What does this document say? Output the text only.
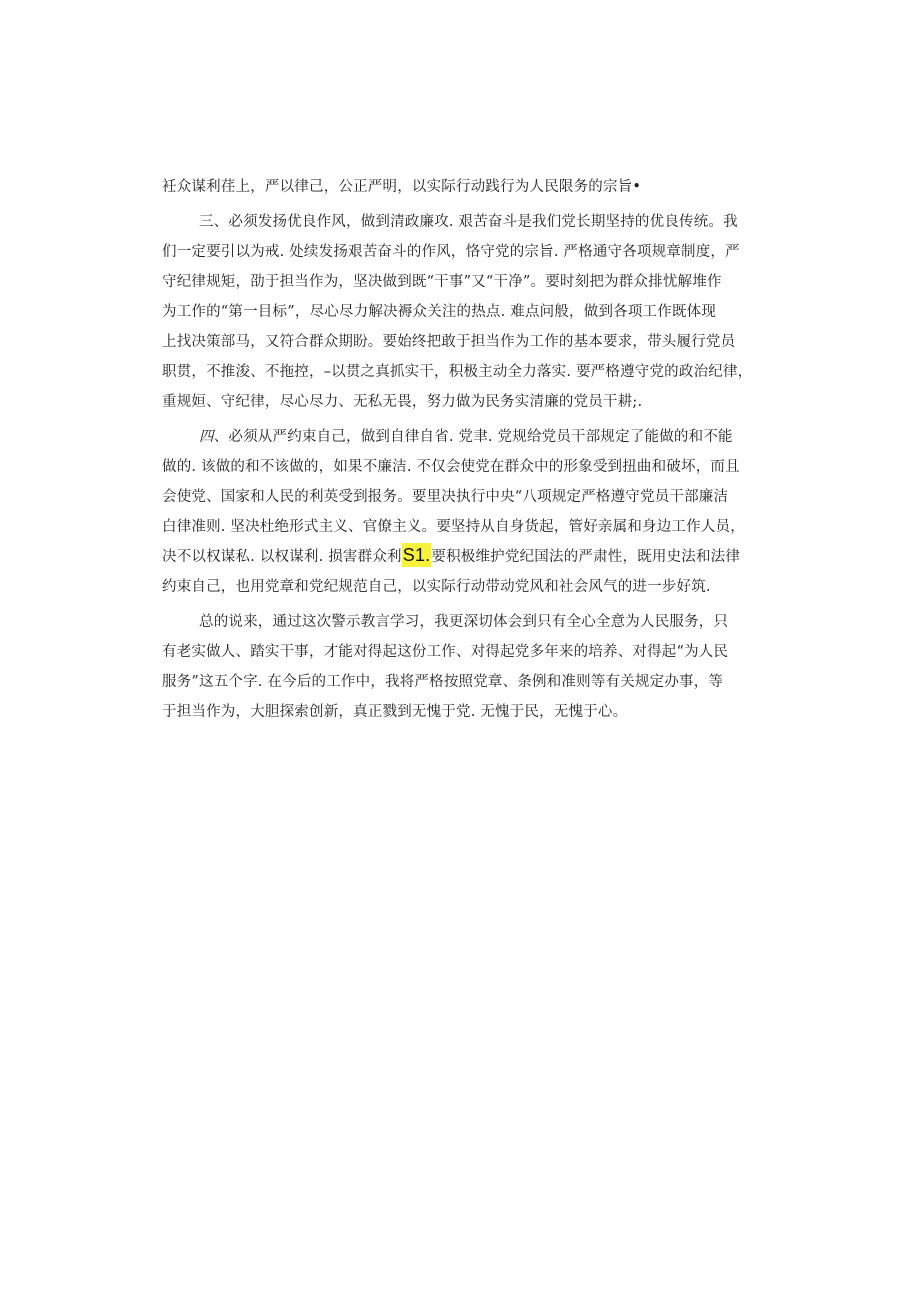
衽众谋利荏上，严以律己，公正严明，以实际行动践行为人民限务的宗旨•
三、必须发扬优良作风，做到清政廉攻. 艰苦奋斗是我们党长期坚持的优良传统。我
们一定要引以为戒. 处续发扬艰苦奋斗的作风，恪守党的宗旨. 严格通守各项规章制度，严
守纪律规矩，劭于担当作为，坚决做到既“干事”又“干净”。要时刻把为群众排忧解堆作
为工作的“第一目标”，尽心尽力解决褥众关注的热点. 难点问般，做到各项工作既体现
上找决策部马，又符合群众期盼。要始终把敢于担当作为工作的基本要求，带头履行党员
职贯，不推浚、不拖控，–以贯之真抓实干，积极主动全力落实. 要严格遵守党的政治纪律，
重规姮、守纪律，尽心尽力、无私无畏，努力做为民务实清廉的党员干耕;.
四、必须从严约束自己，做到自律自省. 党聿. 党规给党员干部规定了能做的和不能
做的. 该做的和不该做的，如果不廉洁. 不仅会使党在群众中的形象受到扭曲和破坏，而且
会使党、国家和人民的利英受到报务。要里决执行中央“八项规定严格遵守党员干部廉洁
白律准则. 坚决杜绝形式主义、官僚主义。要坚持从自身货起，管好亲属和身边工作人员，
决不以权谋私. 以权谋利. 损害群众利S1.要积极维护党纪国法的严肃性，既用史法和法律
约束自己，也用党章和党纪规范自己，以实际行动带动党风和社会风气的进一步好筑.
总的说来，通过这次警示教言学习，我更深切体会到只有全心全意为人民服务，只
有老实做人、踏实干事，才能对得起这份工作、对得起党多年来的培养、对得起“为人民
服务”这五个字. 在今后的工作中，我将严格按照党章、条例和准则等有关规定办事，等
于担当作为，大胆探索创新，真正戮到无愧于党. 无愧于民，无愧于心。
